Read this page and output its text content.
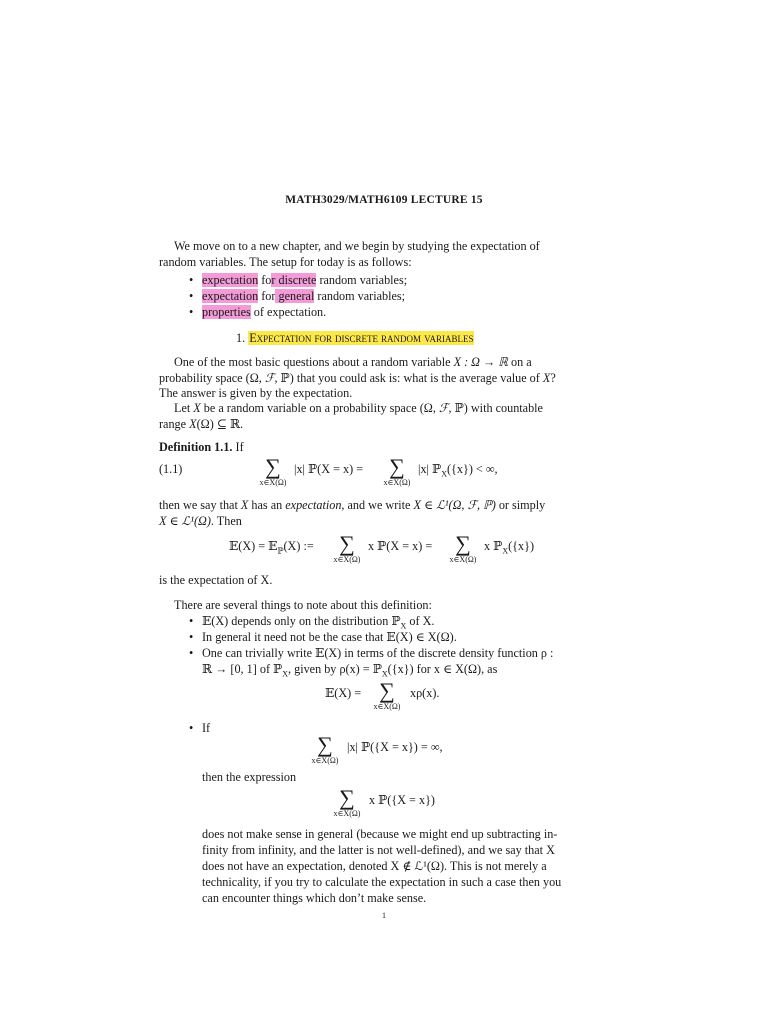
MATH3029/MATH6109 LECTURE 15
We move on to a new chapter, and we begin by studying the expectation of
random variables. The setup for today is as follows:
• expectation for discrete random variables;
• expectation for general random variables;
• properties of expectation.
1. Expectation for discrete random variables
One of the most basic questions about a random variable X : Ω → ℝ on a
probability space (Ω, ℱ, ℙ) that you could ask is: what is the average value of X?
The answer is given by the expectation.
Let X be a random variable on a probability space (Ω, ℱ, ℙ) with countable
range X(Ω) ⊆ ℝ.
Definition 1.1. If
(1.1)	∑
x∈X(Ω)
|x| ℙ(X = x) =	∑
x∈X(Ω)
|x| ℙ$_X$({x}) < ∞,
then we say that X has an expectation, and we write X ∈ ℒ¹(Ω, ℱ, ℙ) or simply
X ∈ ℒ¹(Ω). Then
𝔼(X) = 𝔼$_ℙ$(X) :=	∑
x∈X(Ω)
x ℙ(X = x) =	∑
x∈X(Ω)
x ℙ$_X$({x})
is the expectation of X.
There are several things to note about this definition:
• 𝔼(X) depends only on the distribution ℙ$_X$ of X.
• In general it need not be the case that 𝔼(X) ∈ X(Ω).
• One can trivially write 𝔼(X) in terms of the discrete density function ρ :
ℝ → [0, 1] of ℙ$_X$, given by ρ(x) = ℙ$_X$({x}) for x ∈ X(Ω), as
𝔼(X) = ∑
x∈X(Ω)
xρ(x).
• If
∑
x∈X(Ω)
|x| ℙ({X = x}) = ∞,
then the expression
∑
x∈X(Ω)
x ℙ({X = x})
does not make sense in general (because we might end up subtracting in-
finity from infinity, and the latter is not well-defined), and we say that X
does not have an expectation, denoted X ∉ ℒ¹(Ω). This is not merely a
technicality, if you try to calculate the expectation in such a case then you
can encounter things which don’t make sense.
1
